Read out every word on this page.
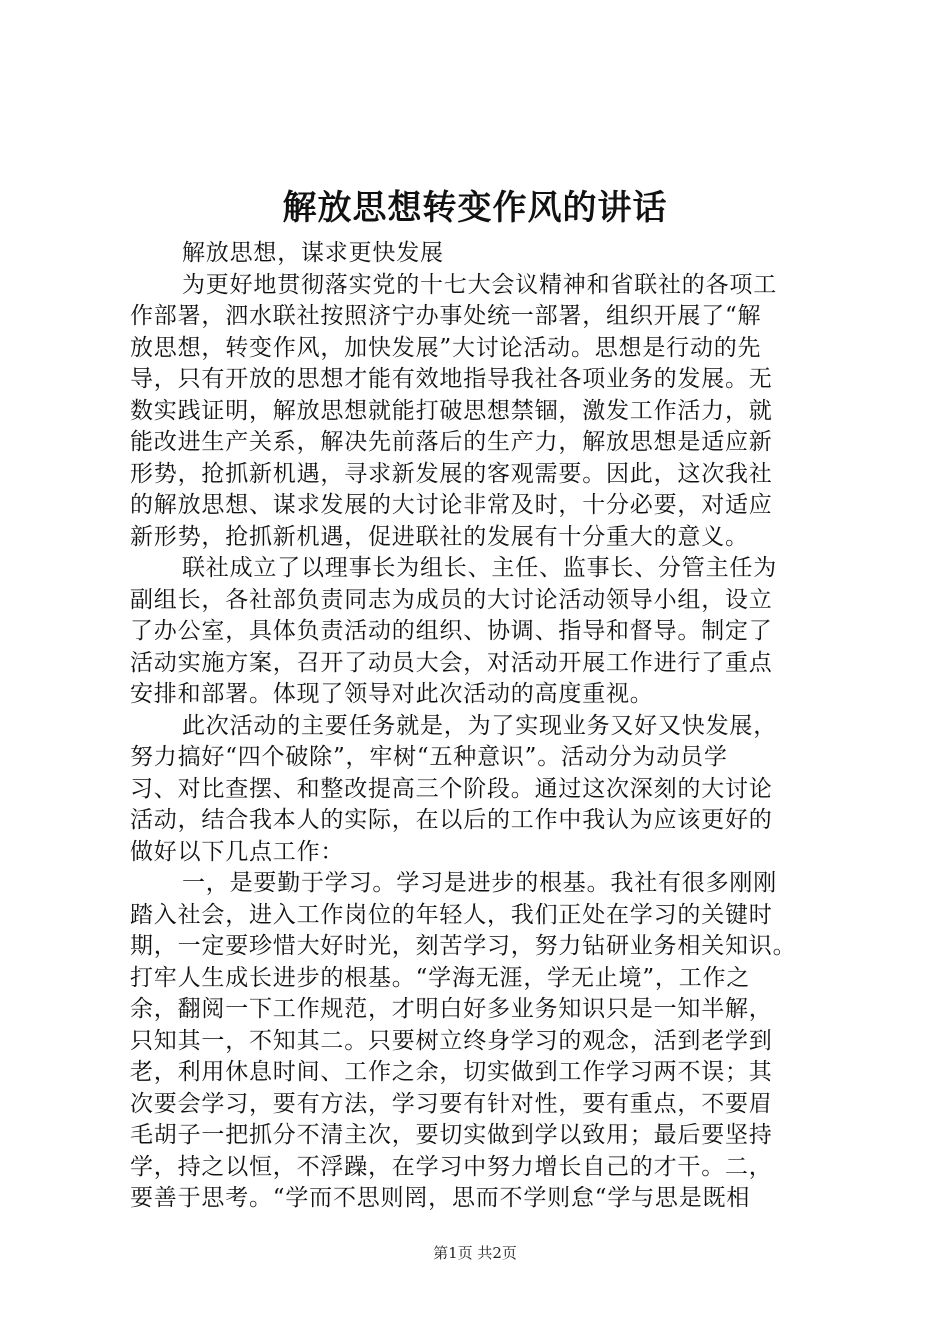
解放思想转变作风的讲话
解放思想，谋求更快发展
为更好地贯彻落实党的十七大会议精神和省联社的各项工
作部署，泗水联社按照济宁办事处统一部署，组织开展了“解
放思想，转变作风，加快发展”大讨论活动。思想是行动的先
导，只有开放的思想才能有效地指导我社各项业务的发展。无
数实践证明，解放思想就能打破思想禁锢，激发工作活力，就
能改进生产关系，解决先前落后的生产力，解放思想是适应新
形势，抢抓新机遇，寻求新发展的客观需要。因此，这次我社
的解放思想、谋求发展的大讨论非常及时，十分必要，对适应
新形势，抢抓新机遇，促进联社的发展有十分重大的意义。
联社成立了以理事长为组长、主任、监事长、分管主任为
副组长，各社部负责同志为成员的大讨论活动领导小组，设立
了办公室，具体负责活动的组织、协调、指导和督导。制定了
活动实施方案，召开了动员大会，对活动开展工作进行了重点
安排和部署。体现了领导对此次活动的高度重视。
此次活动的主要任务就是，为了实现业务又好又快发展，
努力搞好“四个破除”，牢树“五种意识”。活动分为动员学
习、对比查摆、和整改提高三个阶段。通过这次深刻的大讨论
活动，结合我本人的实际，在以后的工作中我认为应该更好的
做好以下几点工作：
一，是要勤于学习。学习是进步的根基。我社有很多刚刚
踏入社会，进入工作岗位的年轻人，我们正处在学习的关键时
期，一定要珍惜大好时光，刻苦学习，努力钻研业务相关知识。
打牢人生成长进步的根基。“学海无涯，学无止境”，工作之
余，翻阅一下工作规范，才明白好多业务知识只是一知半解，
只知其一，不知其二。只要树立终身学习的观念，活到老学到
老，利用休息时间、工作之余，切实做到工作学习两不误；其
次要会学习，要有方法，学习要有针对性，要有重点，不要眉
毛胡子一把抓分不清主次，要切实做到学以致用；最后要坚持
学，持之以恒，不浮躁，在学习中努力增长自己的才干。二，
要善于思考。“学而不思则罔，思而不学则怠“学与思是既相
第1页 共2页
